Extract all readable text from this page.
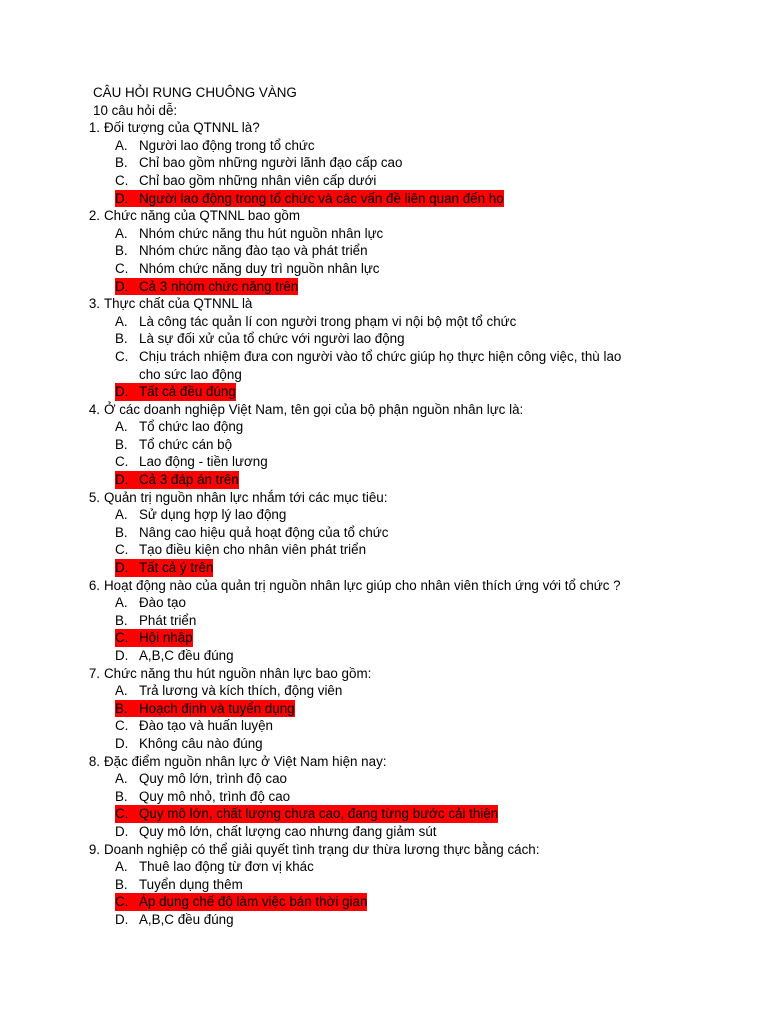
CÂU HỎI RUNG CHUÔNG VÀNG
10 câu hỏi dễ:
1. Đối tượng của QTNNL là?
A. Người lao động trong tổ chức
B. Chỉ bao gồm những người lãnh đạo cấp cao
C. Chỉ bao gồm những nhân viên cấp dưới
D. Người lao động trong tổ chức và các vấn đề liên quan đến họ
2. Chức năng của QTNNL bao gồm
A. Nhóm chức năng thu hút nguồn nhân lực
B. Nhóm chức năng đào tạo và phát triển
C. Nhóm chức năng duy trì nguồn nhân lực
D. Cả 3 nhóm chức năng trên
3. Thực chất của QTNNL là
A. Là công tác quản lí con người trong phạm vi nội bộ một tổ chức
B. Là sự đối xử của tổ chức với người lao động
C. Chịu trách nhiệm đưa con người vào tổ chức giúp họ thực hiện công việc, thù lao
cho sức lao động
D. Tất cả đều đúng
4. Ở các doanh nghiệp Việt Nam, tên gọi của bộ phận nguồn nhân lực là:
A. Tổ chức lao động
B. Tổ chức cán bộ
C. Lao động - tiền lương
D. Cả 3 đáp án trên
5. Quản trị nguồn nhân lực nhắm tới các mục tiêu:
A. Sử dụng hợp lý lao động
B. Nâng cao hiệu quả hoạt động của tổ chức
C. Tạo điều kiện cho nhân viên phát triển
D. Tất cả ý trên
6. Hoạt động nào của quản trị nguồn nhân lực giúp cho nhân viên thích ứng với tổ chức ?
A. Đào tạo
B. Phát triển
C. Hội nhập
D. A,B,C đều đúng
7. Chức năng thu hút nguồn nhân lực bao gồm:
A. Trả lương và kích thích, động viên
B. Hoạch định và tuyển dụng
C. Đào tạo và huấn luyện
D. Không câu nào đúng
8. Đặc điểm nguồn nhân lực ở Việt Nam hiện nay:
A. Quy mô lớn, trình độ cao
B. Quy mô nhỏ, trình độ cao
C. Quy mô lớn, chất lượng chưa cao, đang từng bước cải thiện
D. Quy mô lớn, chất lượng cao nhưng đang giảm sút
9. Doanh nghiệp có thể giải quyết tình trạng dư thừa lương thực bằng cách:
A. Thuê lao động từ đơn vị khác
B. Tuyển dụng thêm
C. Áp dụng chế độ làm việc bán thời gian
D. A,B,C đều đúng
